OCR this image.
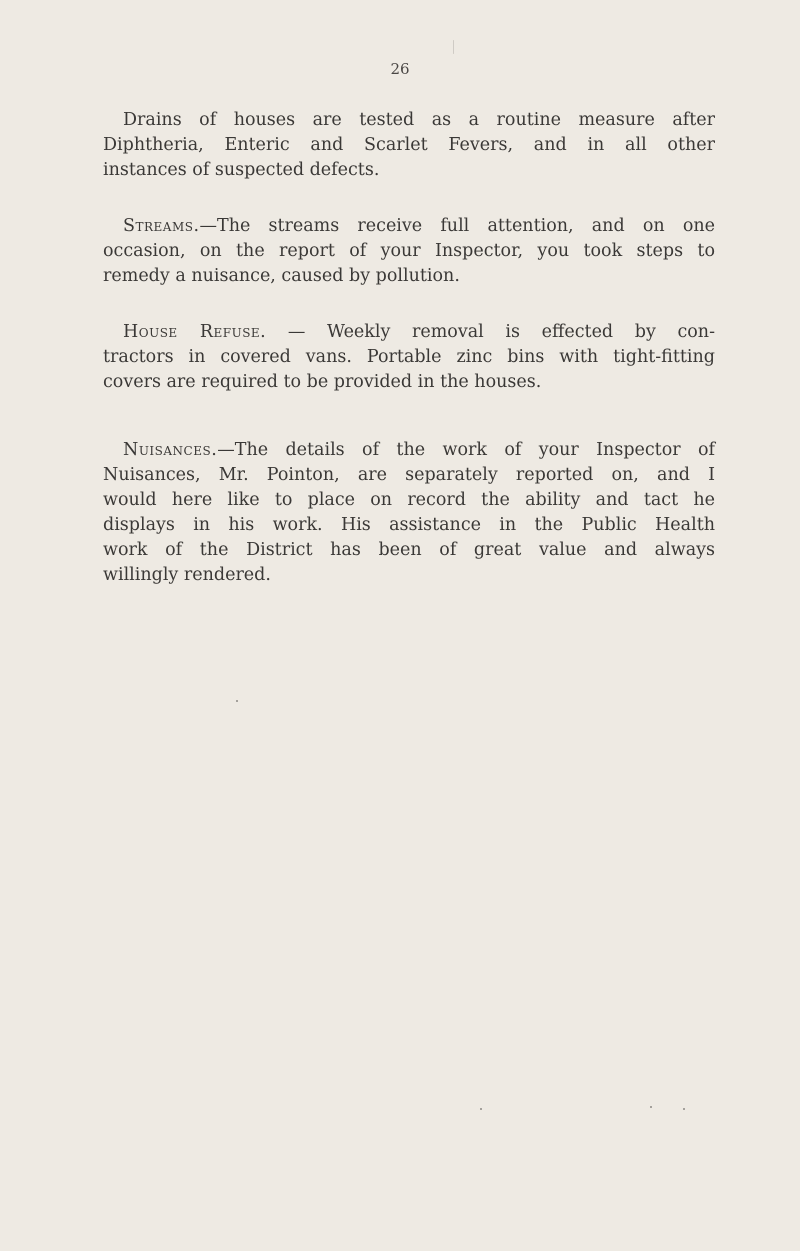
26
Drains of houses are tested as a routine measure after
Diphtheria, Enteric and Scarlet Fevers, and in all other
instances of suspected defects.
Streams.—The streams receive full attention, and on one
occasion, on the report of your Inspector, you took steps to
remedy a nuisance, caused by pollution.
House Refuse. — Weekly removal is effected by con-
tractors in covered vans. Portable zinc bins with tight-fitting
covers are required to be provided in the houses.
Nuisances.—The details of the work of your Inspector of
Nuisances, Mr. Pointon, are separately reported on, and I
would here like to place on record the ability and tact he
displays in his work. His assistance in the Public Health
work of the District has been of great value and always
willingly rendered.
